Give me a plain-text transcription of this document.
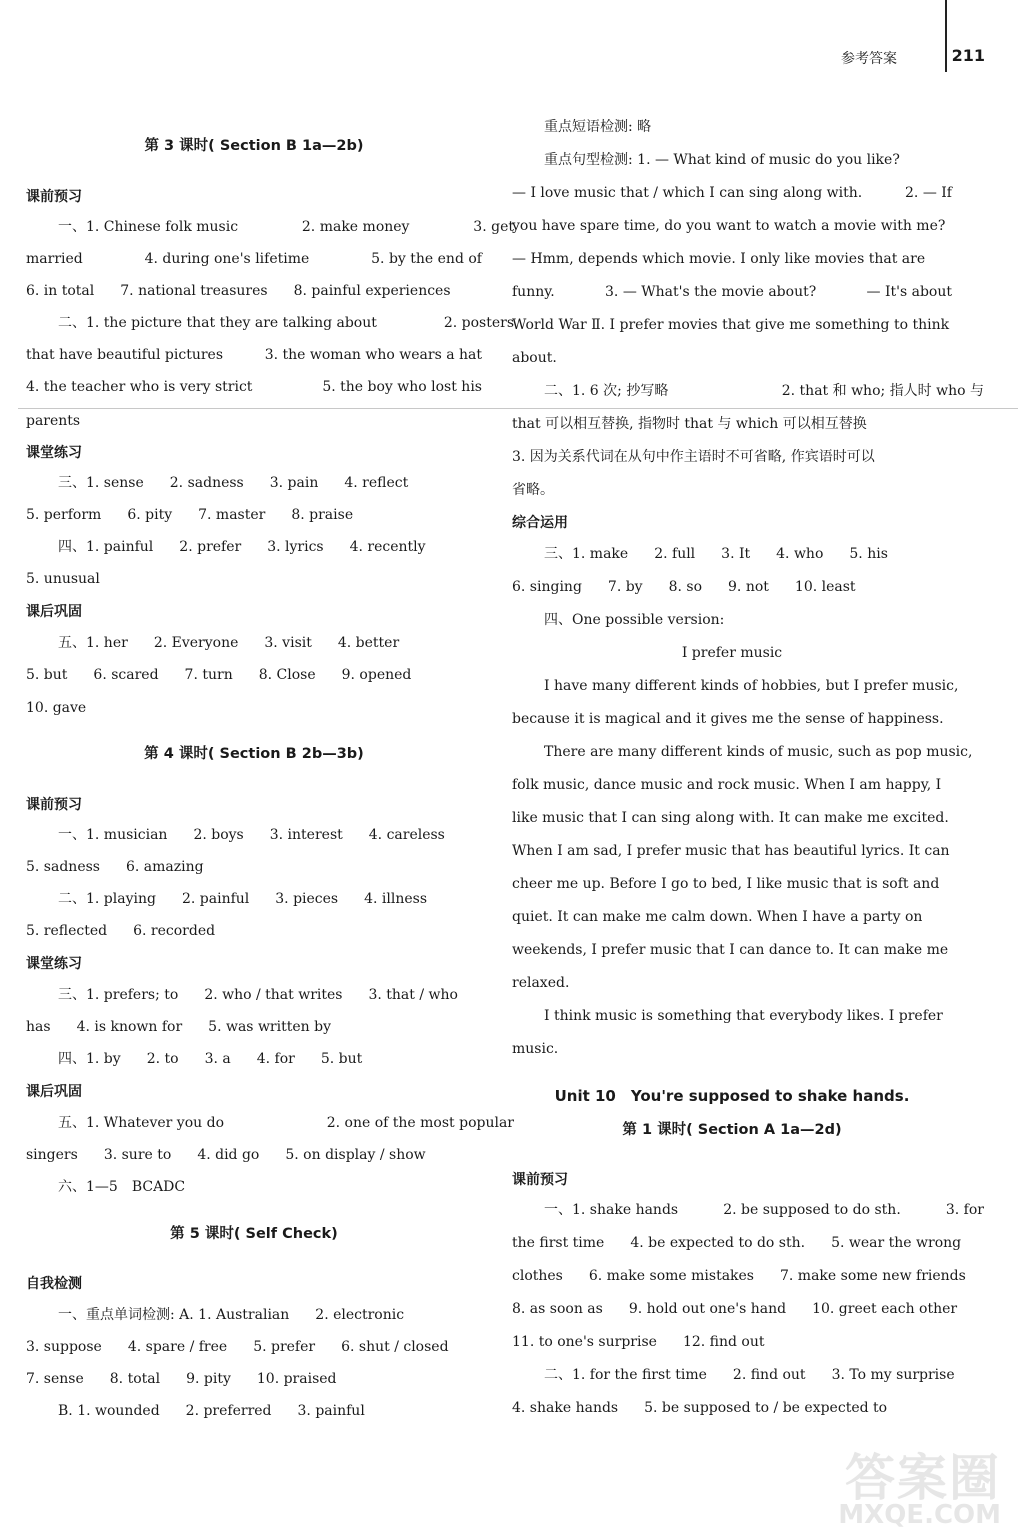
参考答案	211
第 3 课时( Section B 1a—2b)
课前预习
一、1. Chinese folk music	2. make money	3. get
married	4. during one's lifetime	5. by the end of
6. in total 7. national treasures 8. painful experiences
二、1. the picture that they are talking about	2. posters
that have beautiful pictures	3. the woman who wears a hat
4. the teacher who is very strict	5. the boy who lost his
parents
课堂练习
三、1. sense 2. sadness 3. pain 4. reflect
5. perform 6. pity 7. master 8. praise
四、1. painful 2. prefer 3. lyrics 4. recently
5. unusual
课后巩固
五、1. her 2. Everyone 3. visit 4. better
5. but 6. scared 7. turn 8. Close 9. opened
10. gave
第 4 课时( Section B 2b—3b)
课前预习
一、1. musician 2. boys 3. interest 4. careless
5. sadness 6. amazing
二、1. playing 2. painful 3. pieces 4. illness
5. reflected 6. recorded
课堂练习
三、1. prefers; to 2. who / that writes 3. that / who
has 4. is known for 5. was written by
四、1. by 2. to 3. a 4. for 5. but
课后巩固
五、1. Whatever you do	2. one of the most popular
singers 3. sure to 4. did go 5. on display / show
六、1—5　BCADC
第 5 课时( Self Check)
自我检测
一、重点单词检测: A. 1. Australian 2. electronic
3. suppose 4. spare / free 5. prefer 6. shut / closed
7. sense 8. total 9. pity 10. praised
B. 1. wounded 2. preferred 3. painful
重点短语检测: 略
重点句型检测: 1. — What kind of music do you like?
— I love music that / which I can sing along with.	2. — If
you have spare time, do you want to watch a movie with me?
— Hmm, depends which movie. I only like movies that are
funny.	3. — What's the movie about?	— It's about
World War Ⅱ. I prefer movies that give me something to think
about.
二、1. 6 次; 抄写略	2. that 和 who; 指人时 who 与
that 可以相互替换, 指物时 that 与 which 可以相互替换
3. 因为关系代词在从句中作主语时不可省略, 作宾语时可以
省略。
综合运用
三、1. make 2. full 3. It 4. who 5. his
6. singing 7. by 8. so 9. not 10. least
四、One possible version:
I prefer music
I have many different kinds of hobbies, but I prefer music,
because it is magical and it gives me the sense of happiness.
There are many different kinds of music, such as pop music,
folk music, dance music and rock music. When I am happy, I
like music that I can sing along with. It can make me excited.
When I am sad, I prefer music that has beautiful lyrics. It can
cheer me up. Before I go to bed, I like music that is soft and
quiet. It can make me calm down. When I have a party on
weekends, I prefer music that I can dance to. It can make me
relaxed.
I think music is something that everybody likes. I prefer
music.
Unit 10　You're supposed to shake hands.
第 1 课时( Section A 1a—2d)
课前预习
一、1. shake hands	2. be supposed to do sth.	3. for
the first time 4. be expected to do sth. 5. wear the wrong
clothes 6. make some mistakes 7. make some new friends
8. as soon as 9. hold out one's hand 10. greet each other
11. to one's surprise 12. find out
二、1. for the first time 2. find out 3. To my surprise
4. shake hands 5. be supposed to / be expected to
答案圈
MXQE.COM
